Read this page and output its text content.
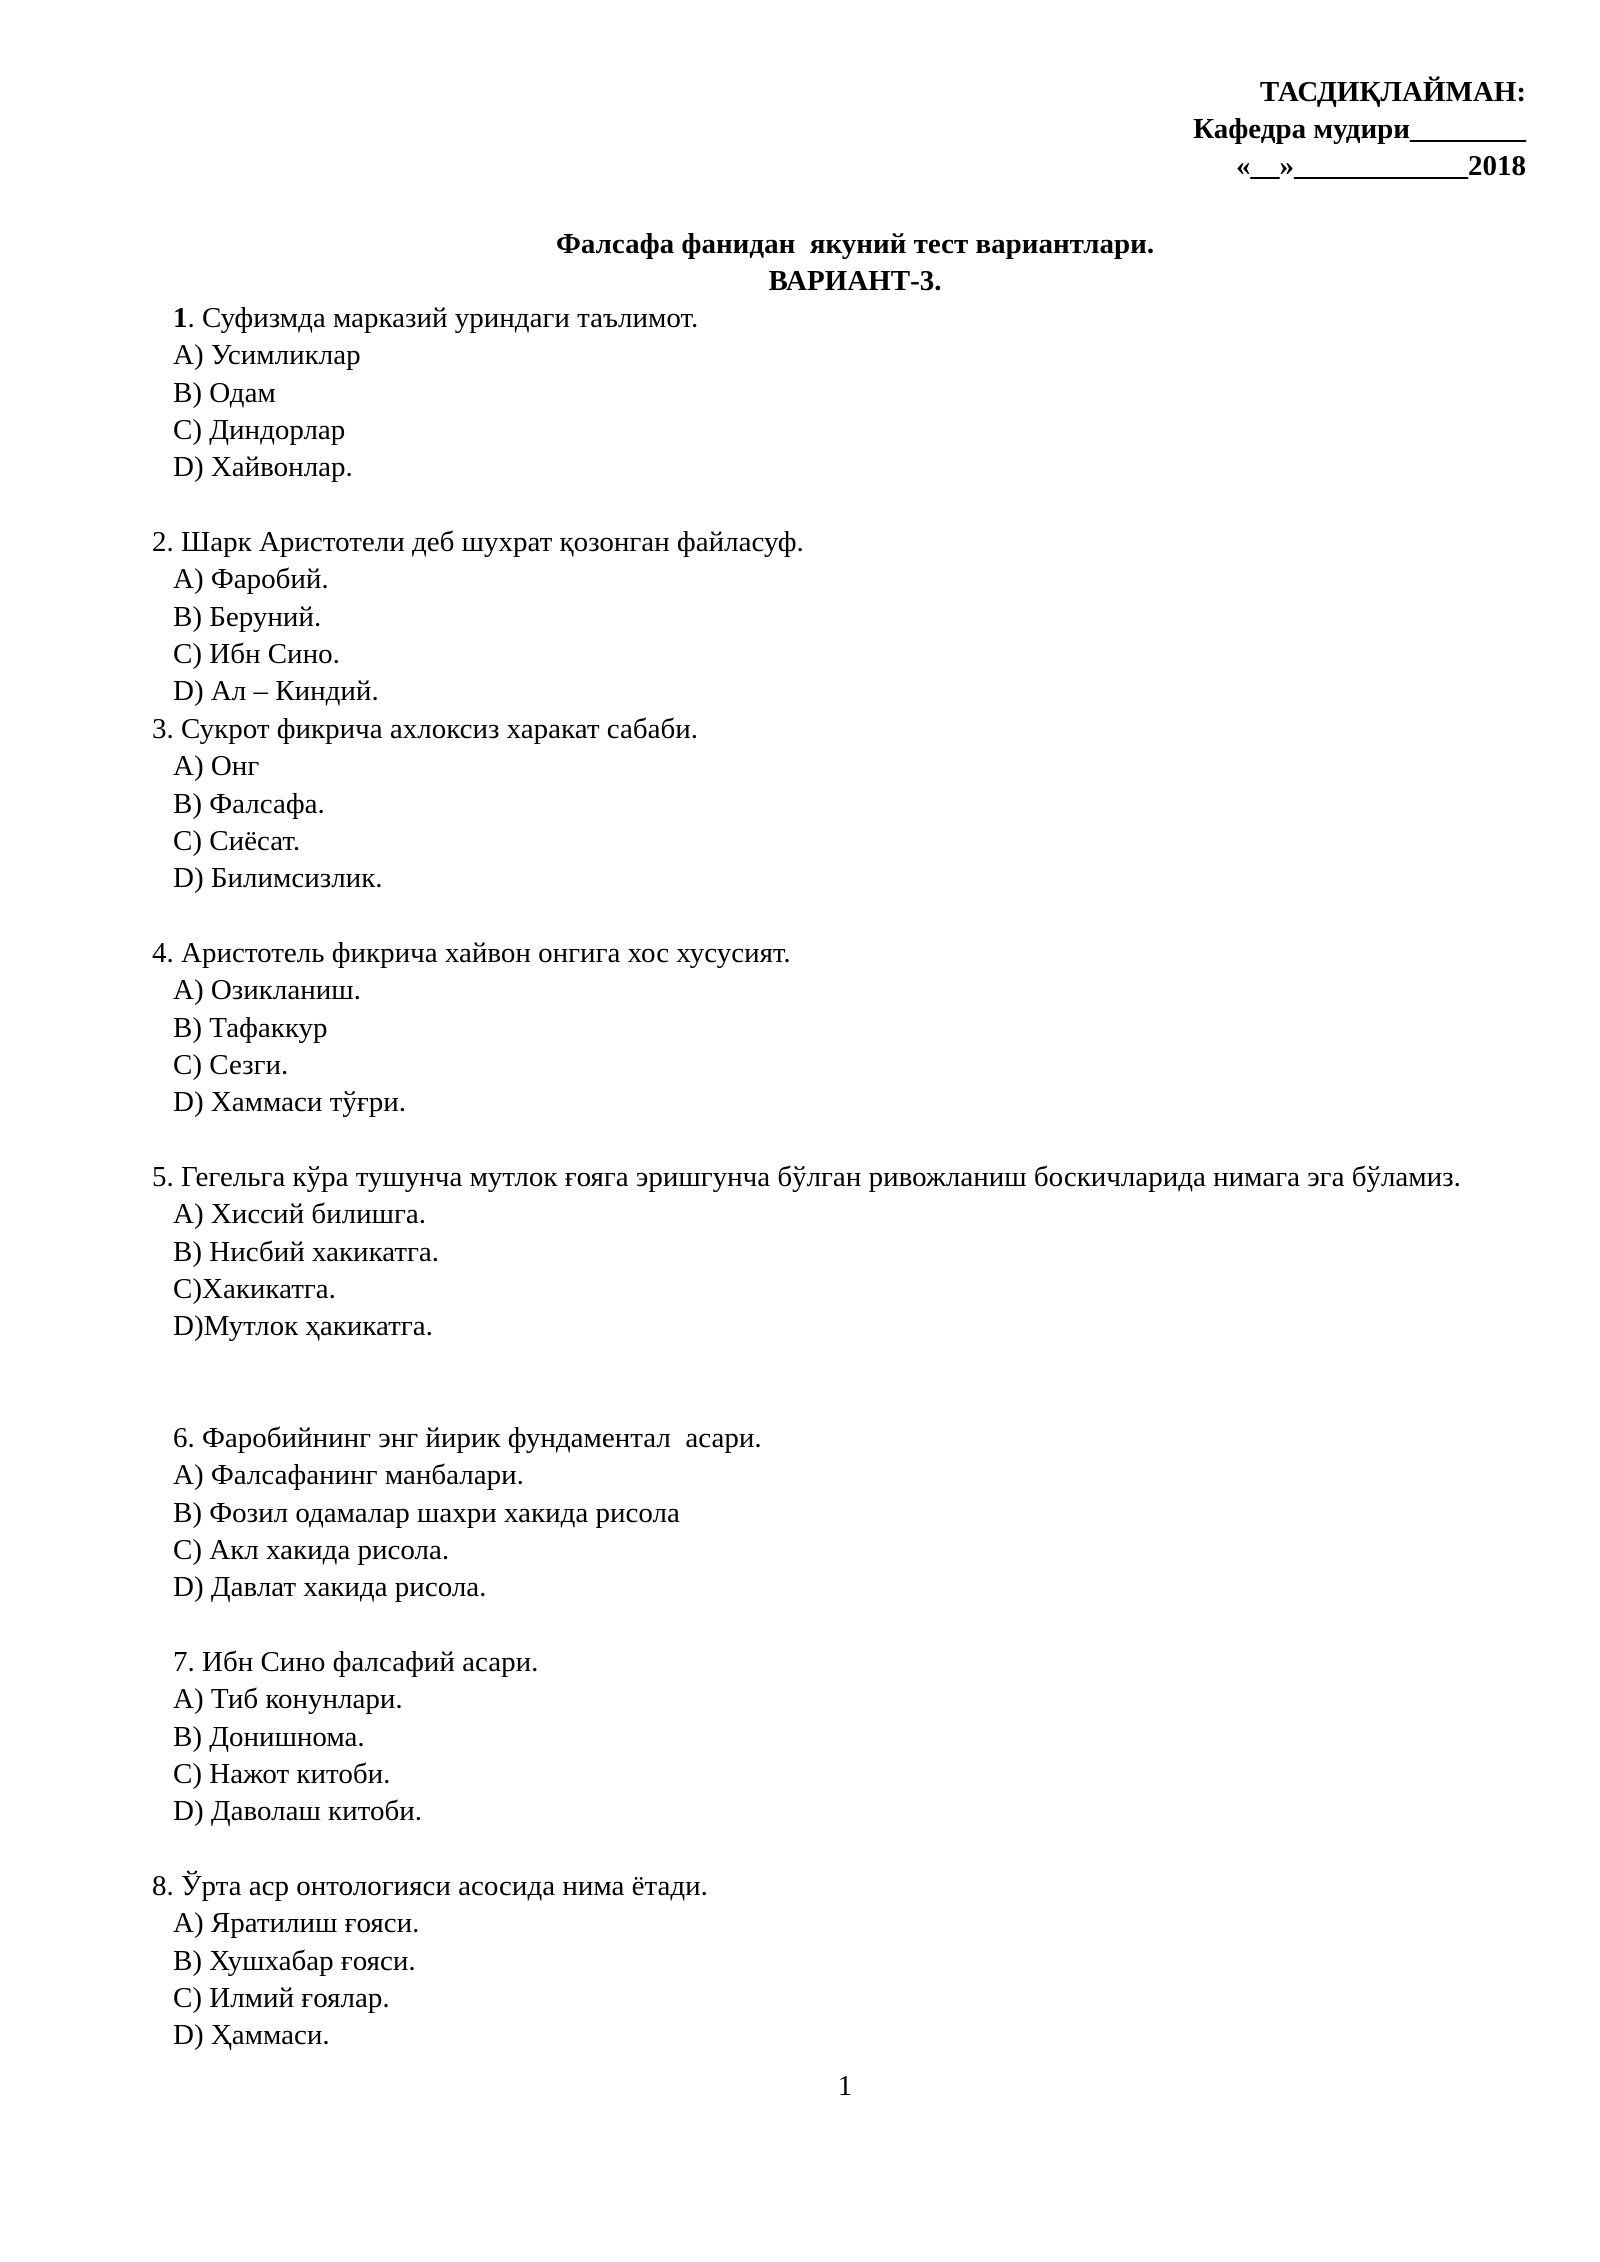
ТАСДИҚЛАЙМАН:
Кафедра мудири________
«__»____________2018
Фалсафа фанидан  якуний тест вариантлари.
ВАРИАНТ-3.
1. Суфизмда марказий уриндаги таълимот.
A) Усимликлар
B) Одам
C) Диндорлар
D) Хайвонлар.
2. Шарк Аристотели деб шухрат қозонган файласуф.
A) Фаробий.
B) Беруний.
C) Ибн Сино.
D) Ал – Киндий.
3. Сукрот фикрича ахлоксиз харакат сабаби.
A) Онг
B) Фалсафа.
C) Сиёсат.
D) Билимсизлик.
4. Аристотель фикрича хайвон онгига хос хусусият.
A) Озикланиш.
B) Тафаккур
C) Сезги.
D) Хаммаси тўғри.
5. Гегельга кўра тушунча мутлок ғояга эришгунча бўлган ривожланиш боскичларида нимага эга бўламиз.
A) Хиссий билишга.
B) Нисбий хакикатга.
C)Хакикатга.
D)Мутлок ҳакикатга.
6. Фаробийнинг энг йирик фундаментал  асари.
A) Фалсафанинг манбалари.
B) Фозил одамалар шахри хакида рисола
C) Акл хакида рисола.
D) Давлат хакида рисола.
7. Ибн Сино фалсафий асари.
A) Тиб конунлари.
B) Донишнома.
C) Нажот китоби.
D) Даволаш китоби.
8. Ўрта аср онтологияси асосида нима ётади.
A) Яратилиш ғояси.
B) Хушхабар ғояси.
C) Илмий ғоялар.
D) Ҳаммаси.
1
